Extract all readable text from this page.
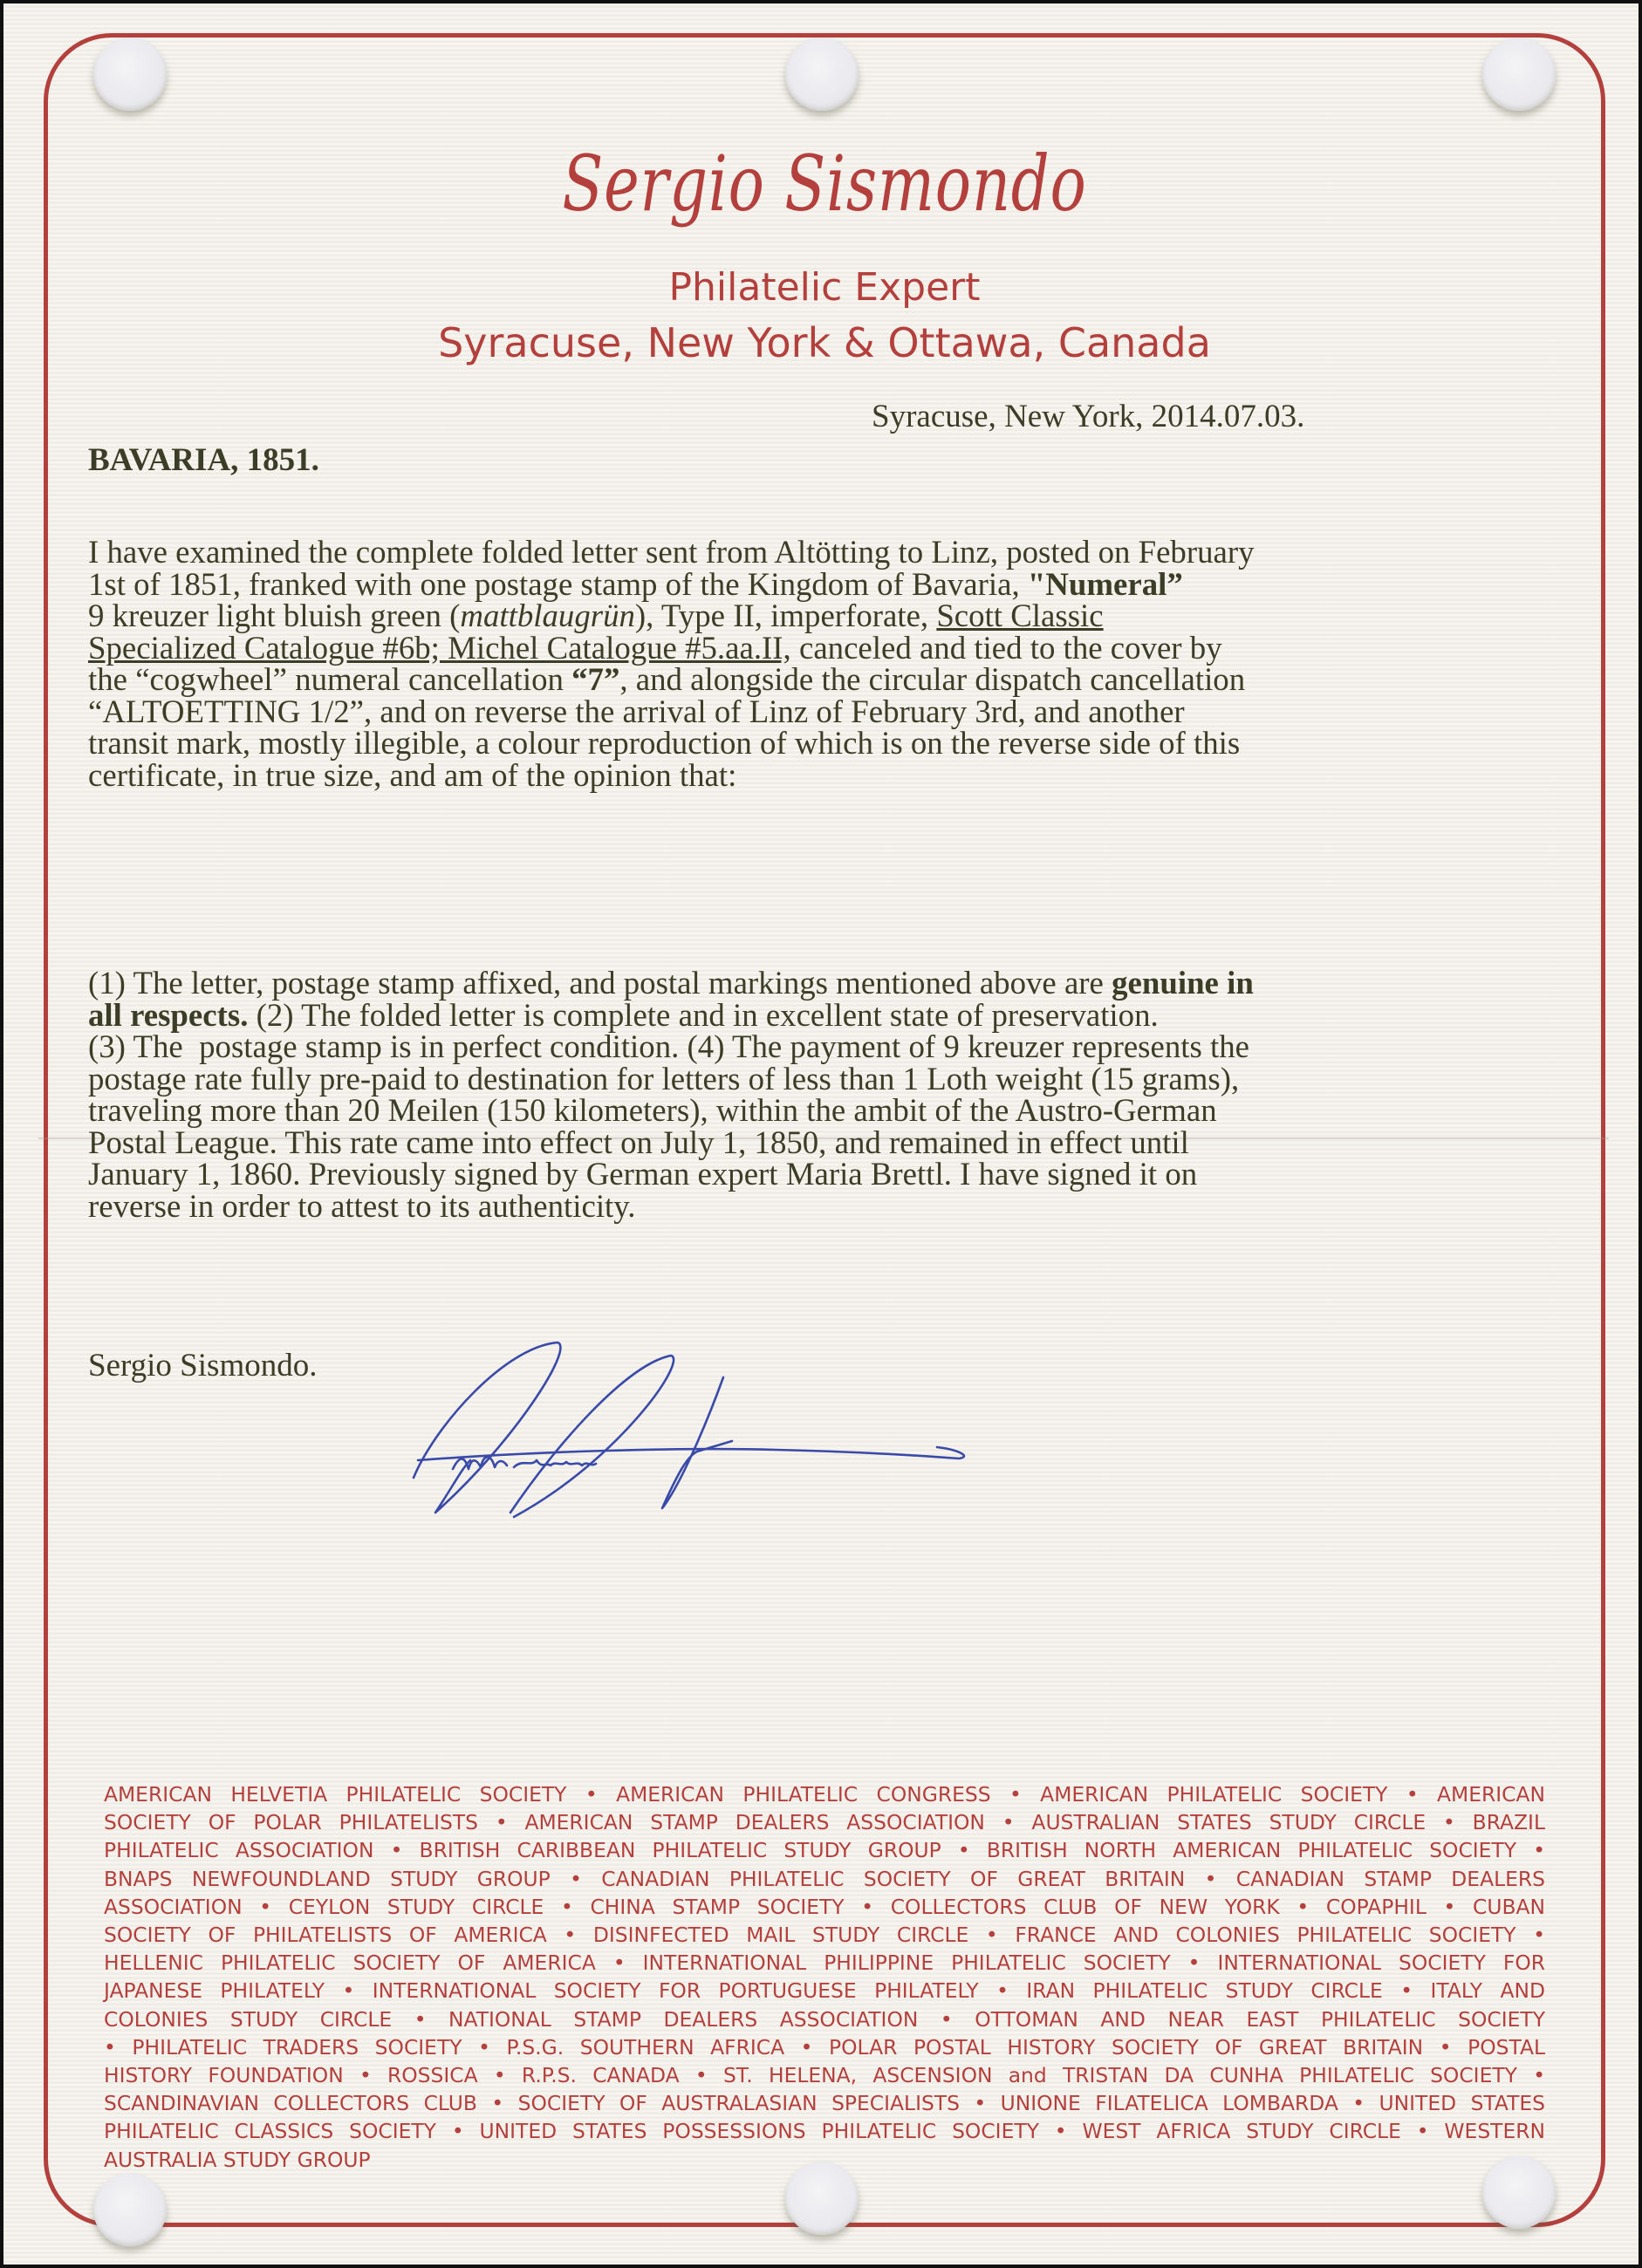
Sergio Sismondo
Philatelic Expert
Syracuse, New York & Ottawa, Canada
Syracuse, New York, 2014.07.03.
BAVARIA, 1851.
I have examined the complete folded letter sent from Altötting to Linz, posted on February
1st of 1851, franked with one postage stamp of the Kingdom of Bavaria, "Numeral”
9 kreuzer light bluish green (mattblaugrün), Type II, imperforate, Scott Classic
Specialized Catalogue #6b; Michel Catalogue #5.aa.II, canceled and tied to the cover by
the “cogwheel” numeral cancellation “7”, and alongside the circular dispatch cancellation
“ALTOETTING 1/2”, and on reverse the arrival of Linz of February 3rd, and another
transit mark, mostly illegible, a colour reproduction of which is on the reverse side of this
certificate, in true size, and am of the opinion that:
(1) The letter, postage stamp affixed, and postal markings mentioned above are genuine in
all respects. (2) The folded letter is complete and in excellent state of preservation.
(3) The  postage stamp is in perfect condition. (4) The payment of 9 kreuzer represents the
postage rate fully pre-paid to destination for letters of less than 1 Loth weight (15 grams),
traveling more than 20 Meilen (150 kilometers), within the ambit of the Austro-German
Postal League. This rate came into effect on July 1, 1850, and remained in effect until
January 1, 1860. Previously signed by German expert Maria Brettl. I have signed it on
reverse in order to attest to its authenticity.
Sergio Sismondo.
AMERICAN HELVETIA PHILATELIC SOCIETY • AMERICAN PHILATELIC CONGRESS • AMERICAN PHILATELIC SOCIETY • AMERICAN
SOCIETY OF POLAR PHILATELISTS • AMERICAN STAMP DEALERS ASSOCIATION • AUSTRALIAN STATES STUDY CIRCLE • BRAZIL
PHILATELIC ASSOCIATION • BRITISH CARIBBEAN PHILATELIC STUDY GROUP • BRITISH NORTH AMERICAN PHILATELIC SOCIETY •
BNAPS NEWFOUNDLAND STUDY GROUP • CANADIAN PHILATELIC SOCIETY OF GREAT BRITAIN • CANADIAN STAMP DEALERS
ASSOCIATION • CEYLON STUDY CIRCLE • CHINA STAMP SOCIETY • COLLECTORS CLUB OF NEW YORK • COPAPHIL • CUBAN
SOCIETY OF PHILATELISTS OF AMERICA • DISINFECTED MAIL STUDY CIRCLE • FRANCE AND COLONIES PHILATELIC SOCIETY •
HELLENIC PHILATELIC SOCIETY OF AMERICA • INTERNATIONAL PHILIPPINE PHILATELIC SOCIETY • INTERNATIONAL SOCIETY FOR
JAPANESE PHILATELY • INTERNATIONAL SOCIETY FOR PORTUGUESE PHILATELY • IRAN PHILATELIC STUDY CIRCLE • ITALY AND
COLONIES STUDY CIRCLE • NATIONAL STAMP DEALERS ASSOCIATION • OTTOMAN AND NEAR EAST PHILATELIC SOCIETY
• PHILATELIC TRADERS SOCIETY • P.S.G. SOUTHERN AFRICA • POLAR POSTAL HISTORY SOCIETY OF GREAT BRITAIN • POSTAL
HISTORY FOUNDATION • ROSSICA • R.P.S. CANADA • ST. HELENA, ASCENSION and TRISTAN DA CUNHA PHILATELIC SOCIETY •
SCANDINAVIAN COLLECTORS CLUB • SOCIETY OF AUSTRALASIAN SPECIALISTS • UNIONE FILATELICA LOMBARDA • UNITED STATES
PHILATELIC CLASSICS SOCIETY • UNITED STATES POSSESSIONS PHILATELIC SOCIETY • WEST AFRICA STUDY CIRCLE • WESTERN
AUSTRALIA STUDY GROUP
